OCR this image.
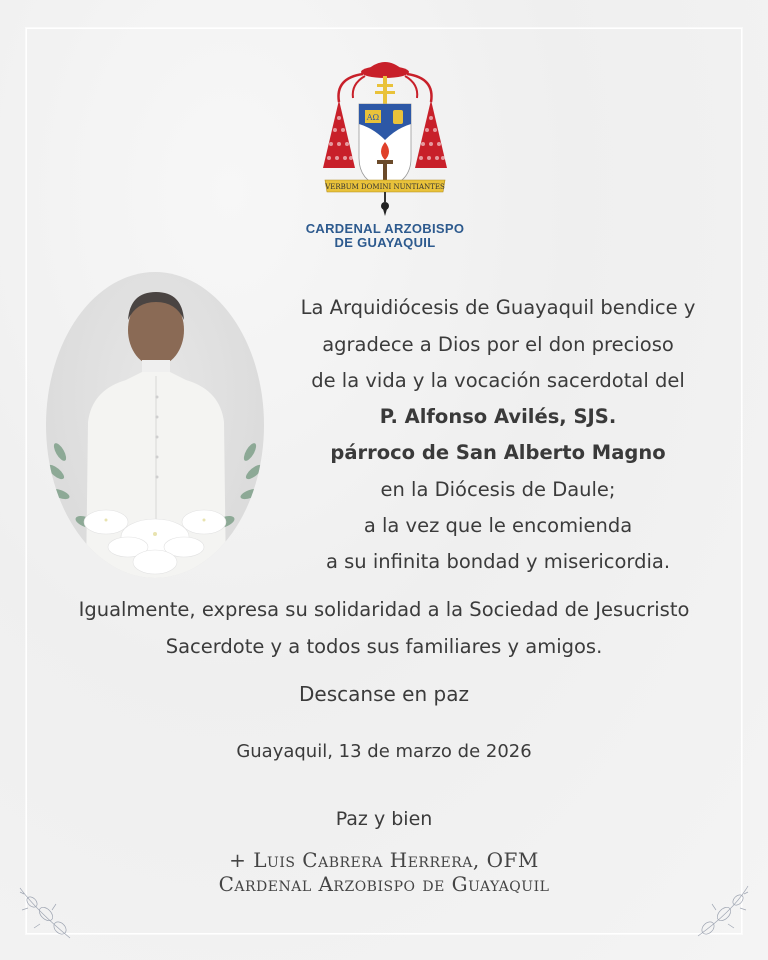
AΩ
VERBUM DOMINI NUNTIANTES
CARDENAL ARZOBISPO
DE GUAYAQUIL
La Arquidiócesis de Guayaquil bendice y
agradece a Dios por el don precioso
de la vida y la vocación sacerdotal del
P. Alfonso Avilés, SJS.
párroco de San Alberto Magno
en la Diócesis de Daule;
a la vez que le encomienda
a su infinita bondad y misericordia.
Igualmente, expresa su solidaridad a la Sociedad de Jesucristo
Sacerdote y a todos sus familiares y amigos.
Descanse en paz
Guayaquil, 13 de marzo de 2026
Paz y bien
+ Luis Cabrera Herrera, OFM
Cardenal Arzobispo de Guayaquil
